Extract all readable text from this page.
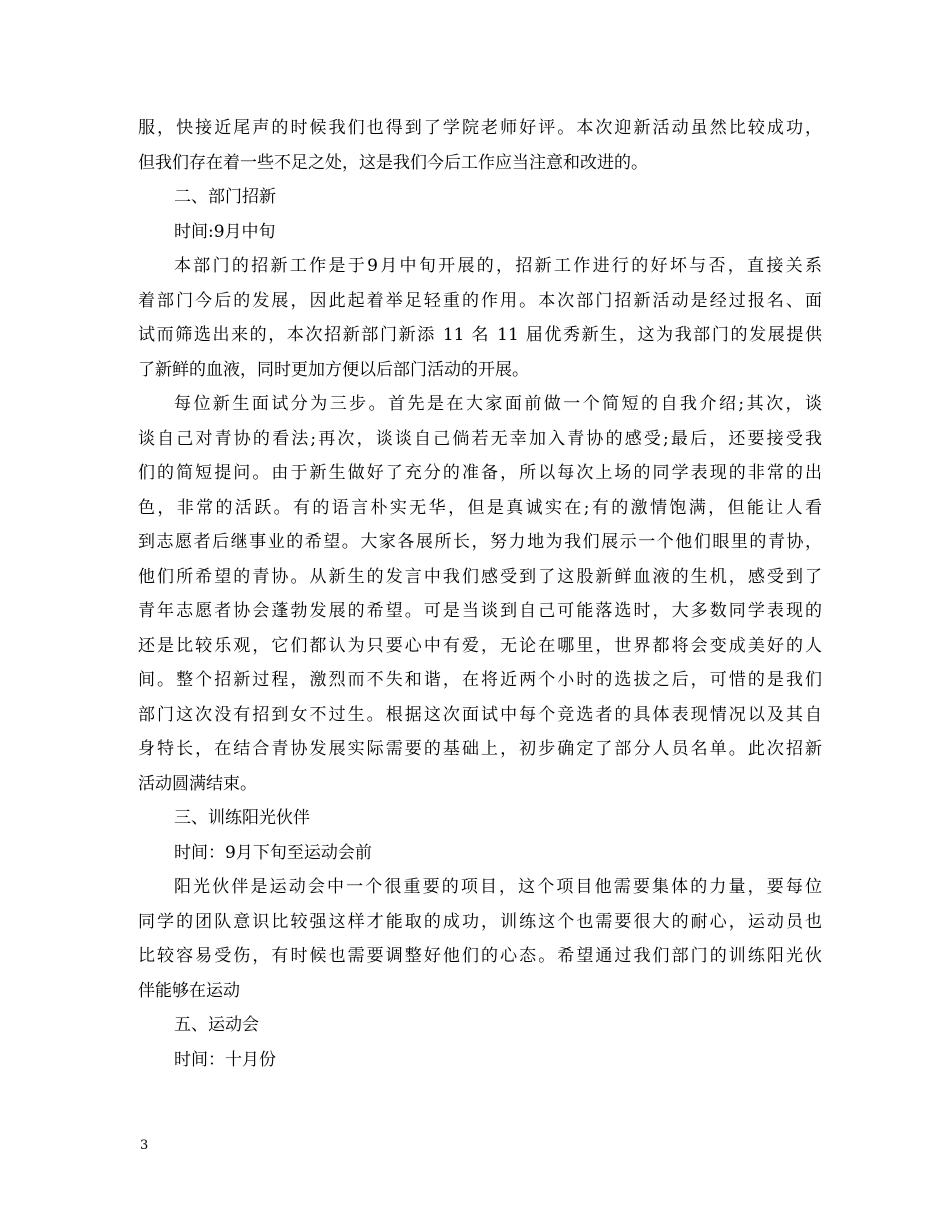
服，快接近尾声的时候我们也得到了学院老师好评。本次迎新活动虽然比较成功，
但我们存在着一些不足之处，这是我们今后工作应当注意和改进的。
二、部门招新
时间:9月中旬
本部门的招新工作是于9月中旬开展的，招新工作进行的好坏与否，直接关系
着部门今后的发展，因此起着举足轻重的作用。本次部门招新活动是经过报名、面
试而筛选出来的，本次招新部门新添 11 名 11 届优秀新生，这为我部门的发展提供
了新鲜的血液，同时更加方便以后部门活动的开展。
每位新生面试分为三步。首先是在大家面前做一个简短的自我介绍;其次，谈
谈自己对青协的看法;再次，谈谈自己倘若无幸加入青协的感受;最后，还要接受我
们的简短提问。由于新生做好了充分的准备，所以每次上场的同学表现的非常的出
色，非常的活跃。有的语言朴实无华，但是真诚实在;有的激情饱满，但能让人看
到志愿者后继事业的希望。大家各展所长，努力地为我们展示一个他们眼里的青协，
他们所希望的青协。从新生的发言中我们感受到了这股新鲜血液的生机，感受到了
青年志愿者协会蓬勃发展的希望。可是当谈到自己可能落选时，大多数同学表现的
还是比较乐观，它们都认为只要心中有爱，无论在哪里，世界都将会变成美好的人
间。整个招新过程，激烈而不失和谐，在将近两个小时的选拔之后，可惜的是我们
部门这次没有招到女不过生。根据这次面试中每个竞选者的具体表现情况以及其自
身特长，在结合青协发展实际需要的基础上，初步确定了部分人员名单。此次招新
活动圆满结束。
三、训练阳光伙伴
时间：9月下旬至运动会前
阳光伙伴是运动会中一个很重要的项目，这个项目他需要集体的力量，要每位
同学的团队意识比较强这样才能取的成功，训练这个也需要很大的耐心，运动员也
比较容易受伤，有时候也需要调整好他们的心态。希望通过我们部门的训练阳光伙
伴能够在运动
五、运动会
时间：十月份
3
